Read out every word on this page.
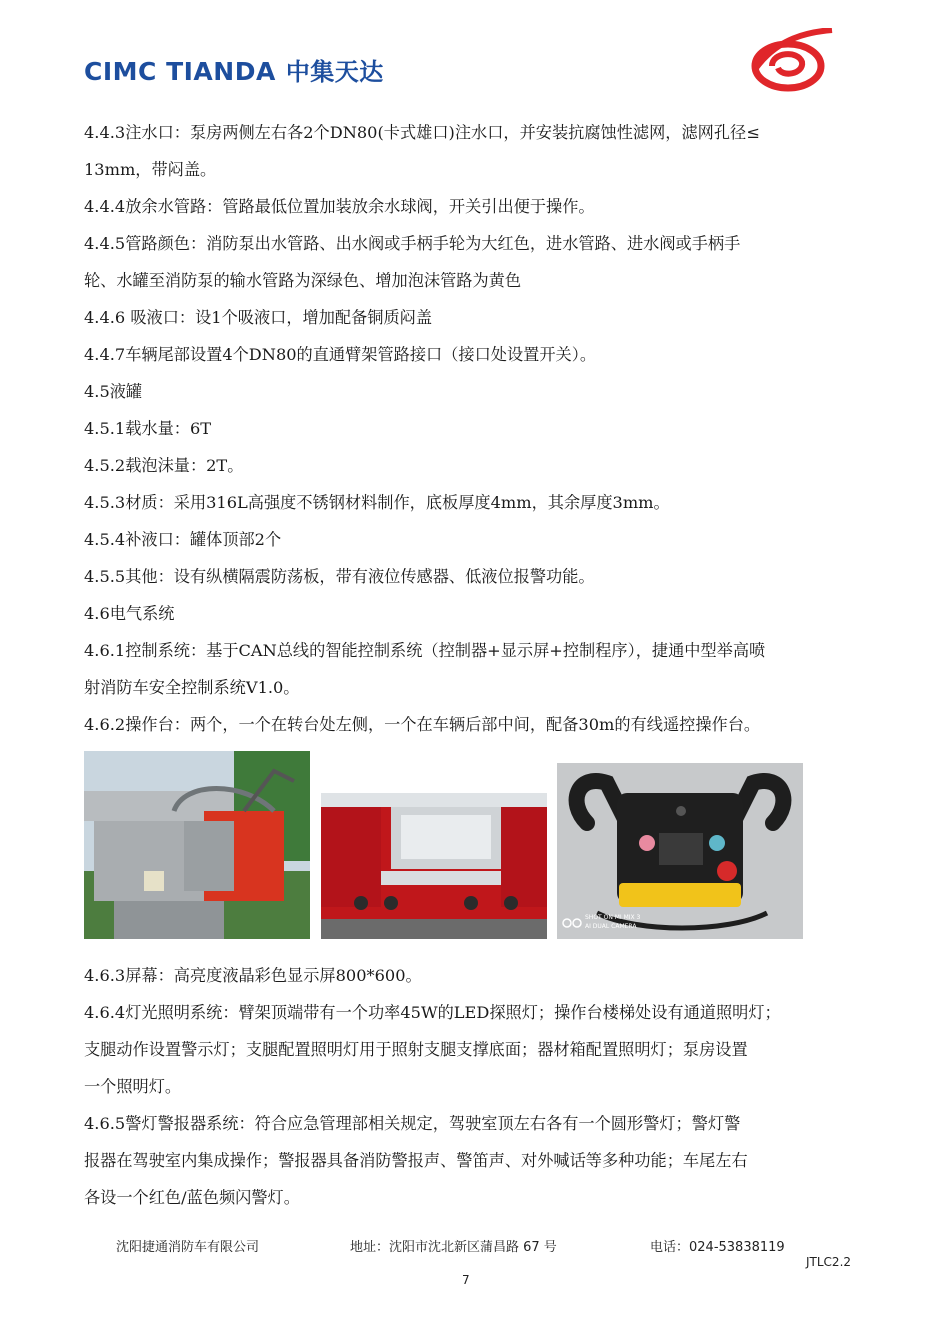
CIMC TIANDA 中集天达

4.4.3注水口：泵房两侧左右各2个DN80(卡式雄口)注水口，并安装抗腐蚀性滤网，滤网孔径≤

13mm，带闷盖。

4.4.4放余水管路：管路最低位置加装放余水球阀，开关引出便于操作。

4.4.5管路颜色：消防泵出水管路、出水阀或手柄手轮为大红色，进水管路、进水阀或手柄手

轮、水罐至消防泵的输水管路为深绿色、增加泡沫管路为黄色

4.4.6 吸液口：设1个吸液口，增加配备铜质闷盖

4.4.7车辆尾部设置4个DN80的直通臂架管路接口（接口处设置开关）。

4.5液罐

4.5.1载水量：6T

4.5.2载泡沫量：2T。

4.5.3材质：采用316L高强度不锈钢材料制作，底板厚度4mm，其余厚度3mm。

4.5.4补液口：罐体顶部2个

4.5.5其他：设有纵横隔震防荡板，带有液位传感器、低液位报警功能。

4.6电气系统

4.6.1控制系统：基于CAN总线的智能控制系统（控制器+显示屏+控制程序），捷通中型举高喷

射消防车安全控制系统V1.0。

4.6.2操作台：两个，一个在转台处左侧，一个在车辆后部中间，配备30m的有线遥控操作台。

SHOT ON MI MIX 3
AI DUAL CAMERA

4.6.3屏幕：高亮度液晶彩色显示屏800*600。

4.6.4灯光照明系统：臂架顶端带有一个功率45W的LED探照灯；操作台楼梯处设有通道照明灯；

支腿动作设置警示灯；支腿配置照明灯用于照射支腿支撑底面；器材箱配置照明灯；泵房设置

一个照明灯。

4.6.5警灯警报器系统：符合应急管理部相关规定，驾驶室顶左右各有一个圆形警灯；警灯警

报器在驾驶室内集成操作；警报器具备消防警报声、警笛声、对外喊话等多种功能；车尾左右

各设一个红色/蓝色频闪警灯。

沈阳捷通消防车有限公司	地址：沈阳市沈北新区蒲昌路 67 号	电话：024-53838119
JTLC2.2
7
